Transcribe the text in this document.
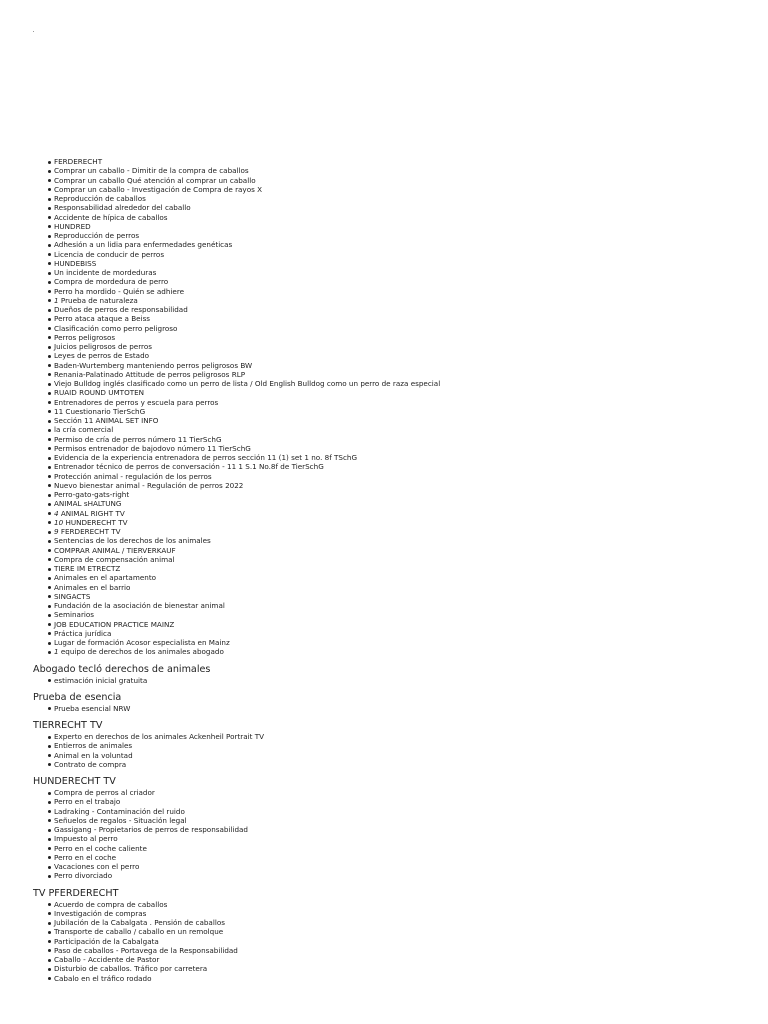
FERDERECHT
Comprar un caballo - Dimitir de la compra de caballos
Comprar un caballo Qué atención al comprar un caballo
Comprar un caballo - Investigación de Compra de rayos X
Reproducción de caballos
Responsabilidad alrededor del caballo
Accidente de hípica de caballos
HUNDRED
Reproducción de perros
Adhesión a un lidia para enfermedades genéticas
Licencia de conducir de perros
HUNDEBISS
Un incidente de mordeduras
Compra de mordedura de perro
Perro ha mordido - Quién se adhiere
1 Prueba de naturaleza
Dueños de perros de responsabilidad
Perro ataca ataque a Beiss
Clasificación como perro peligroso
Perros peligrosos
Juicios peligrosos de perros
Leyes de perros de Estado
Baden-Wurtemberg manteniendo perros peligrosos BW
Renania-Palatinado Attitude de perros peligrosos RLP
Viejo Bulldog inglés clasificado como un perro de lista / Old English Bulldog como un perro de raza especial
RUAID ROUND UMTOTEN
Entrenadores de perros y escuela para perros
11 Cuestionario TierSchG
Sección 11 ANIMAL SET INFO
la cría comercial
Permiso de cría de perros número 11 TierSchG
Permisos entrenador de bajodovo número 11 TierSchG
Evidencia de la experiencia entrenadora de perros sección 11 (1) set 1 no. 8f TSchG
Entrenador técnico de perros de conversación - 11 1 S.1 No.8f de TierSchG
Protección animal - regulación de los perros
Nuevo bienestar animal - Regulación de perros 2022
Perro-gato-gats-right
ANIMAL sHALTUNG
4 ANIMAL RIGHT TV
10 HUNDERECHT TV
9 FERDERECHT TV
Sentencias de los derechos de los animales
COMPRAR ANIMAL / TIERVERKAUF
Compra de compensación animal
TIERE IM ETRECTZ
Animales en el apartamento
Animales en el barrio
SINGACTS
Fundación de la asociación de bienestar animal
Seminarios
JOB EDUCATION PRACTICE MAINZ
Práctica jurídica
Lugar de formación Acosor especialista en Mainz
1 equipo de derechos de los animales abogado
Abogado tecló derechos de animales
estimación inicial gratuita
Prueba de esencia
Prueba esencial NRW
TIERRECHT TV
Experto en derechos de los animales Ackenheil Portrait TV
Entierros de animales
Animal en la voluntad
Contrato de compra
HUNDERECHT TV
Compra de perros al criador
Perro en el trabajo
Ladraking - Contaminación del ruido
Señuelos de regalos - Situación legal
Gassigang - Propietarios de perros de responsabilidad
Impuesto al perro
Perro en el coche caliente
Perro en el coche
Vacaciones con el perro
Perro divorciado
TV PFERDERECHT
Acuerdo de compra de caballos
Investigación de compras
Jubilación de la Cabalgata . Pensión de caballos
Transporte de caballo / caballo en un remolque
Participación de la Cabalgata
Paso de caballos - Portavega de la Responsabilidad
Caballo - Accidente de Pastor
Disturbio de caballos. Tráfico por carretera
Cabalo en el tráfico rodado
